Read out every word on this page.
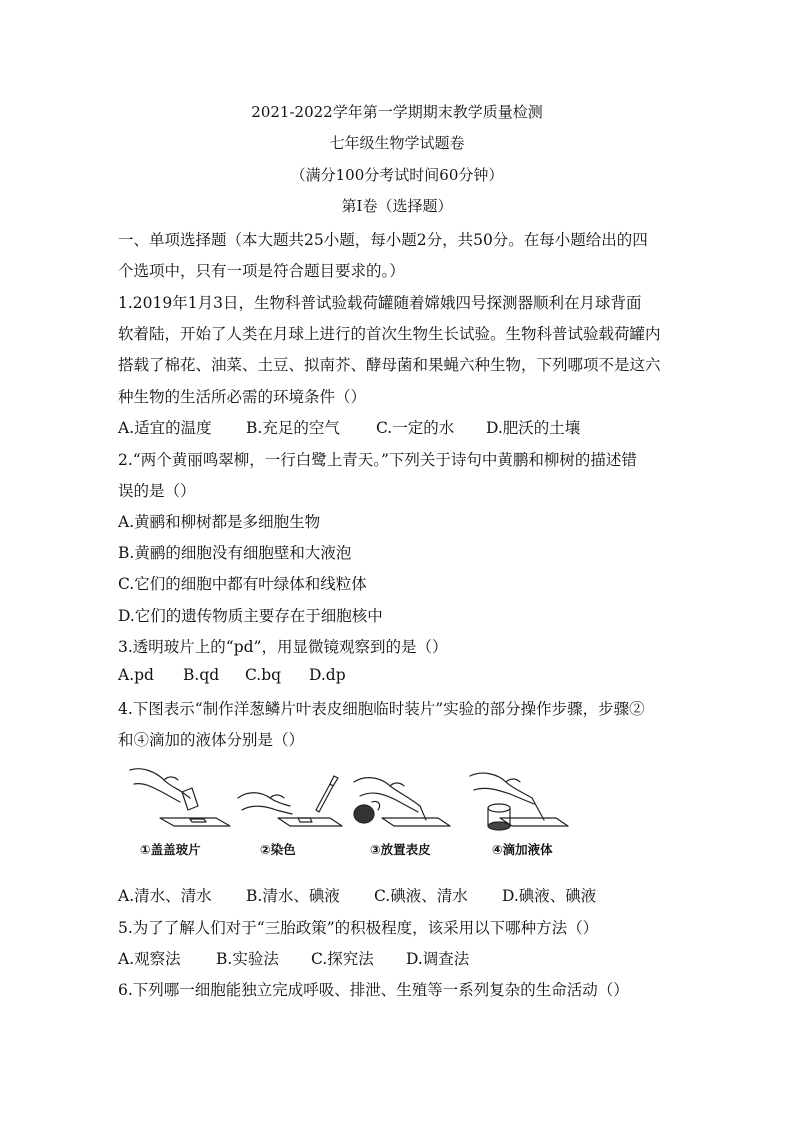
2021-2022学年第一学期期末教学质量检测
七年级生物学试题卷
（满分100分考试时间60分钟）
第I卷（选择题）
一、单项选择题（本大题共25小题，每小题2分，共50分。在每小题给出的四
个选项中，只有一项是符合题目要求的。）
1.2019年1月3日，生物科普试验载荷罐随着嫦娥四号探测器顺利在月球背面
软着陆，开始了人类在月球上进行的首次生物生长试验。生物科普试验载荷罐内
搭载了棉花、油菜、土豆、拟南芥、酵母菌和果蝇六种生物，下列哪项不是这六
种生物的生活所必需的环境条件（）
A.适宜的温度 B.充足的空气 C.一定的水 D.肥沃的土壤
2.“两个黄丽鸣翠柳，一行白鹭上青天。”下列关于诗句中黄鹏和柳树的描述错
误的是（）
A.黄鹂和柳树都是多细胞生物
B.黄鹂的细胞没有细胞壁和大液泡
C.它们的细胞中都有叶绿体和线粒体
D.它们的遗传物质主要存在于细胞核中
3.透明玻片上的“pd”，用显微镜观察到的是（）
A.pd B.qd C.bq D.dp
4.下图表示“制作洋葱鳞片叶表皮细胞临时装片”实验的部分操作步骤，步骤②
和④滴加的液体分别是（）
①盖盖玻片	②染色	③放置表皮	④滴加液体
A.清水、清水 B.清水、碘液 C.碘液、清水 D.碘液、碘液
5.为了了解人们对于“三胎政策”的积极程度，该采用以下哪种方法（）
A.观察法 B.实验法 C.探究法 D.调查法
6.下列哪一细胞能独立完成呼吸、排泄、生殖等一系列复杂的生命活动（）
